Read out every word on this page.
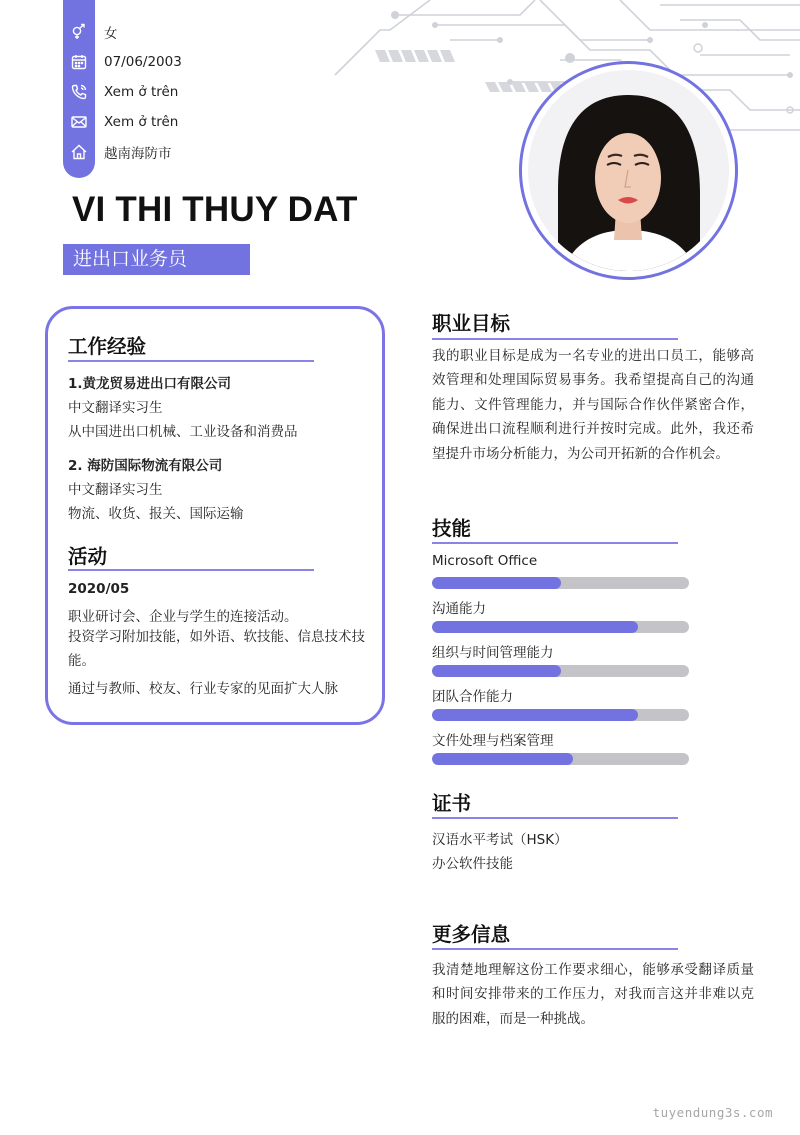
女
07/06/2003
Xem ở trên
Xem ở trên
越南海防市
VI THI THUY DAT
进出口业务员
工作经验
1.黄龙贸易进出口有限公司
中文翻译实习生
从中国进出口机械、工业设备和消费品
2. 海防国际物流有限公司
中文翻译实习生
物流、收货、报关、国际运输
活动
2020/05
职业研讨会、企业与学生的连接活动。
投资学习附加技能，如外语、软技能、信息技术技能。
通过与教师、校友、行业专家的见面扩大人脉
职业目标
我的职业目标是成为一名专业的进出口员工，能够高效管理和处理国际贸易事务。我希望提高自己的沟通能力、文件管理能力，并与国际合作伙伴紧密合作，确保进出口流程顺利进行并按时完成。此外，我还希望提升市场分析能力，为公司开拓新的合作机会。
技能
Microsoft Office
沟通能力
组织与时间管理能力
团队合作能力
文件处理与档案管理
证书
汉语水平考试（HSK）
办公软件技能
更多信息
我清楚地理解这份工作要求细心，能够承受翻译质量和时间安排带来的工作压力，对我而言这并非难以克服的困难，而是一种挑战。
tuyendung3s.com
